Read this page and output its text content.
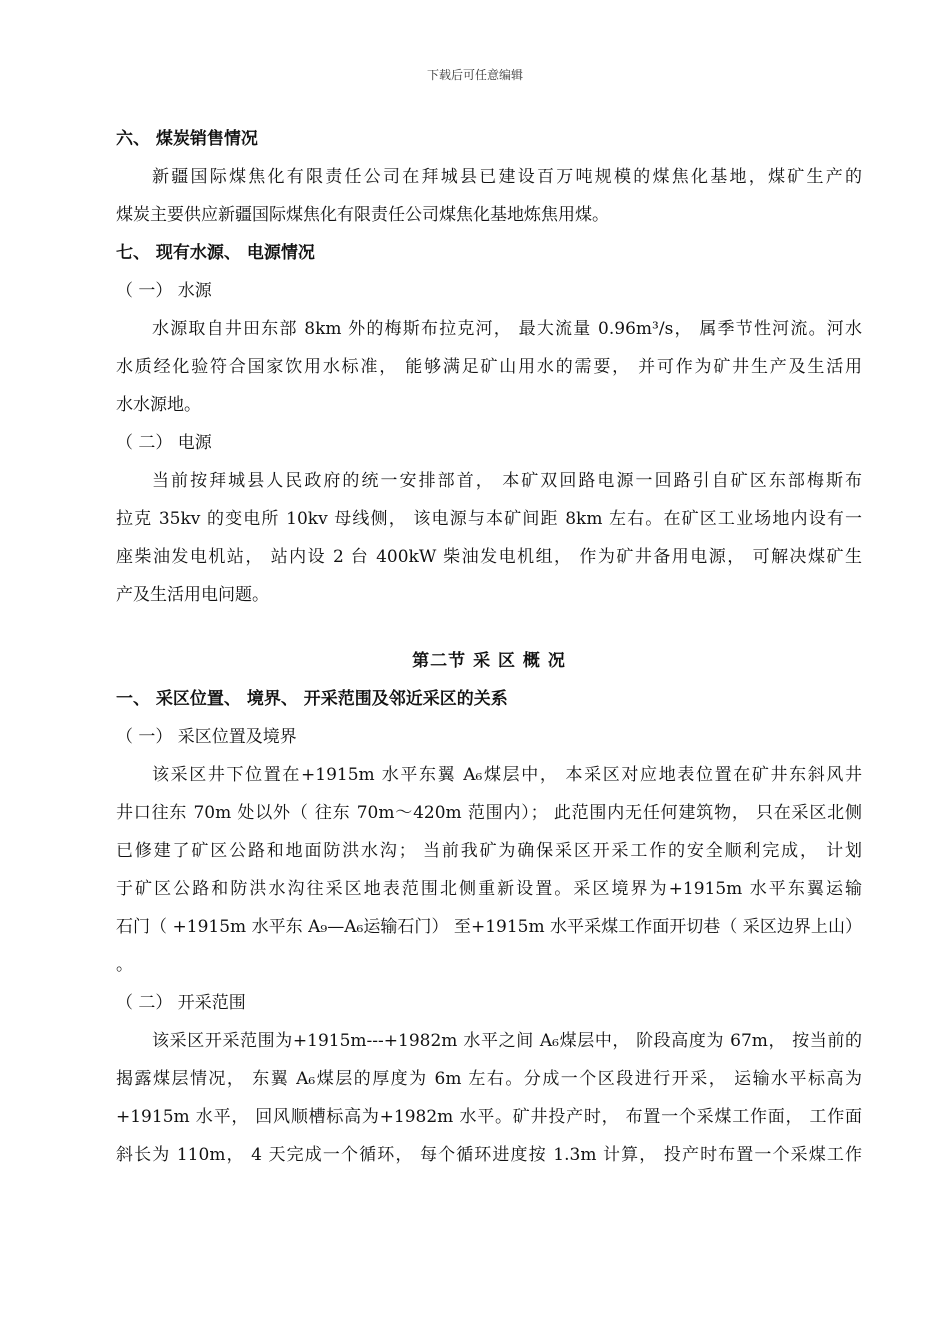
下载后可任意编辑
六、 煤炭销售情况
新疆国际煤焦化有限责任公司在拜城县已建设百万吨规模的煤焦化基地，煤矿生产的
煤炭主要供应新疆国际煤焦化有限责任公司煤焦化基地炼焦用煤。
七、 现有水源、 电源情况
（ 一） 水源
水源取自井田东部 8km 外的梅斯布拉克河， 最大流量 0.96m³/s， 属季节性河流。河水
水质经化验符合国家饮用水标准， 能够满足矿山用水的需要， 并可作为矿井生产及生活用
水水源地。
（ 二） 电源
当前按拜城县人民政府的统一安排部首， 本矿双回路电源一回路引自矿区东部梅斯布
拉克 35kv 的变电所 10kv 母线侧， 该电源与本矿间距 8km 左右。在矿区工业场地内设有一
座柴油发电机站， 站内设 2 台 400kW 柴油发电机组， 作为矿井备用电源， 可解决煤矿生
产及生活用电问题。
第二节 采 区 概 况
一、 采区位置、 境界、 开采范围及邻近采区的关系
（ 一） 采区位置及境界
该采区井下位置在+1915m 水平东翼 A₆煤层中， 本采区对应地表位置在矿井东斜风井
井口往东 70m 处以外（ 往东 70m～420m 范围内）； 此范围内无任何建筑物， 只在采区北侧
已修建了矿区公路和地面防洪水沟； 当前我矿为确保采区开采工作的安全顺利完成， 计划
于矿区公路和防洪水沟往采区地表范围北侧重新设置。采区境界为+1915m 水平东翼运输
石门（ +1915m 水平东 A₉—A₆运输石门） 至+1915m 水平采煤工作面开切巷（ 采区边界上山）
。
（ 二） 开采范围
该采区开采范围为+1915m---+1982m 水平之间 A₆煤层中， 阶段高度为 67m， 按当前的
揭露煤层情况， 东翼 A₆煤层的厚度为 6m 左右。分成一个区段进行开采， 运输水平标高为
+1915m 水平， 回风顺槽标高为+1982m 水平。矿井投产时， 布置一个采煤工作面， 工作面
斜长为 110m， 4 天完成一个循环， 每个循环进度按 1.3m 计算， 投产时布置一个采煤工作
